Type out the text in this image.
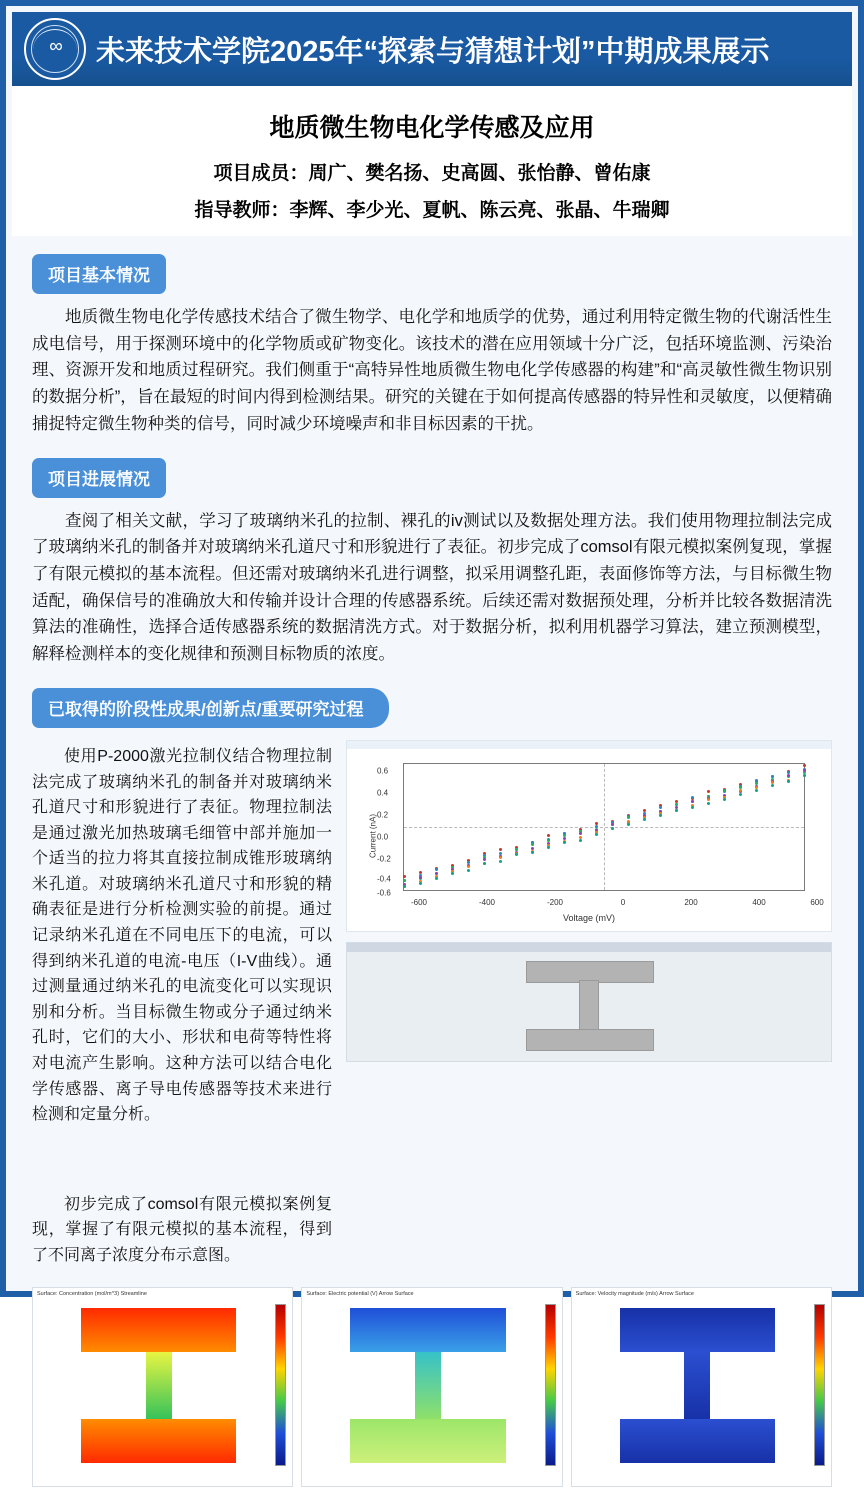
∞	未来技术学院2025年“探索与猜想计划”中期成果展示
地质微生物电化学传感及应用
项目成员：周广、樊名扬、史高圆、张怡静、曾佑康
指导教师：李辉、李少光、夏帆、陈云亮、张晶、牛瑞卿
项目基本情况
地质微生物电化学传感技术结合了微生物学、电化学和地质学的优势，通过利用特定微生物的代谢活性生成电信号，用于探测环境中的化学物质或矿物变化。该技术的潜在应用领域十分广泛，包括环境监测、污染治理、资源开发和地质过程研究。我们侧重于“高特异性地质微生物电化学传感器的构建”和“高灵敏性微生物识别的数据分析”，旨在最短的时间内得到检测结果。研究的关键在于如何提高传感器的特异性和灵敏度，以便精确捕捉特定微生物种类的信号，同时减少环境噪声和非目标因素的干扰。
项目进展情况
查阅了相关文献，学习了玻璃纳米孔的拉制、裸孔的iv测试以及数据处理方法。我们使用物理拉制法完成了玻璃纳米孔的制备并对玻璃纳米孔道尺寸和形貌进行了表征。初步完成了comsol有限元模拟案例复现，掌握了有限元模拟的基本流程。但还需对玻璃纳米孔进行调整，拟采用调整孔距，表面修饰等方法，与目标微生物适配，确保信号的准确放大和传输并设计合理的传感器系统。后续还需对数据预处理，分析并比较各数据清洗算法的准确性，选择合适传感器系统的数据清洗方式。对于数据分析，拟利用机器学习算法，建立预测模型，解释检测样本的变化规律和预测目标物质的浓度。
已取得的阶段性成果/创新点/重要研究过程
使用P-2000激光拉制仪结合物理拉制法完成了玻璃纳米孔的制备并对玻璃纳米孔道尺寸和形貌进行了表征。物理拉制法是通过激光加热玻璃毛细管中部并施加一个适当的拉力将其直接拉制成锥形玻璃纳米孔道。对玻璃纳米孔道尺寸和形貌的精确表征是进行分析检测实验的前提。通过记录纳米孔道在不同电压下的电流，可以得到纳米孔道的电流-电压（I-V曲线）。通过测量通过纳米孔的电流变化可以实现识别和分析。当目标微生物或分子通过纳米孔时，它们的大小、形状和电荷等特性将对电流产生影响。这种方法可以结合电化学传感器、离子导电传感器等技术来进行检测和定量分析。
初步完成了comsol有限元模拟案例复现，掌握了有限元模拟的基本流程，得到了不同离子浓度分布示意图。
Current (nA)
0.6
0.4
0.2
0.0
-0.2
-0.4
-0.6
-600	-400	-200	0	200	400	600
Voltage (mV)
Surface: Concentration (mol/m^3) Streamline	Surface: Electric potential (V) Arrow Surface	Surface: Velocity magnitude (m/s) Arrow Surface
